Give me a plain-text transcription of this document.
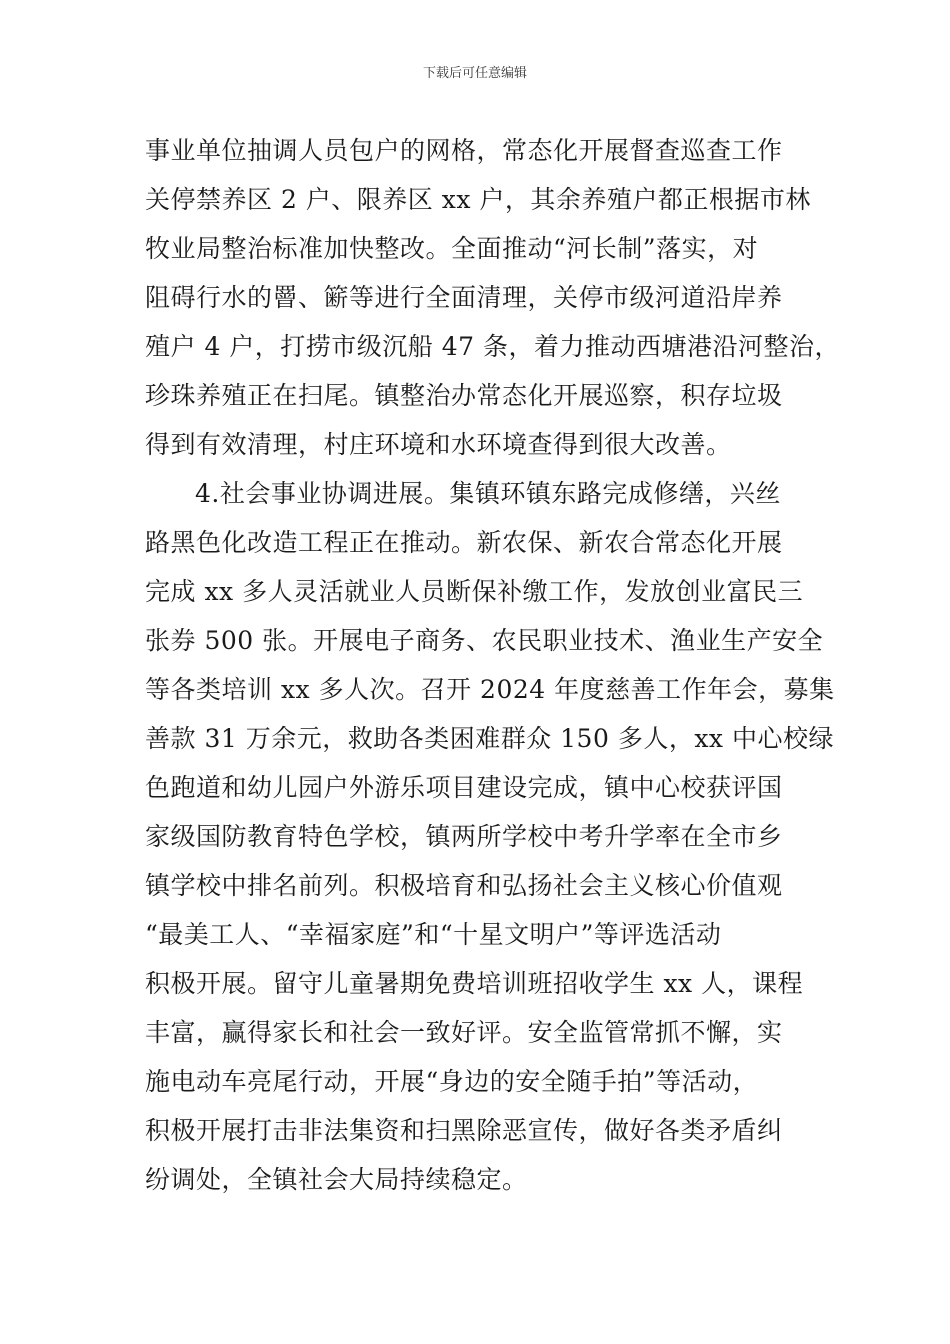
下载后可任意编辑
事业单位抽调人员包户的网格，常态化开展督查巡查工作
关停禁养区 2 户、限养区 xx 户，其余养殖户都正根据市林
牧业局整治标准加快整改。全面推动“河长制”落实，对
阻碍行水的罾、簖等进行全面清理，关停市级河道沿岸养
殖户 4 户，打捞市级沉船 47 条，着力推动西塘港沿河整治，
珍珠养殖正在扫尾。镇整治办常态化开展巡察，积存垃圾
得到有效清理，村庄环境和水环境查得到很大改善。
4.社会事业协调进展。集镇环镇东路完成修缮，兴丝
路黑色化改造工程正在推动。新农保、新农合常态化开展
完成 xx 多人灵活就业人员断保补缴工作，发放创业富民三
张券 500 张。开展电子商务、农民职业技术、渔业生产安全
等各类培训 xx 多人次。召开 2024 年度慈善工作年会，募集
善款 31 万余元，救助各类困难群众 150 多人，xx 中心校绿
色跑道和幼儿园户外游乐项目建设完成，镇中心校获评国
家级国防教育特色学校，镇两所学校中考升学率在全市乡
镇学校中排名前列。积极培育和弘扬社会主义核心价值观
“最美工人、“幸福家庭”和“十星文明户”等评选活动
积极开展。留守儿童暑期免费培训班招收学生 xx 人，课程
丰富，赢得家长和社会一致好评。安全监管常抓不懈，实
施电动车亮尾行动，开展“身边的安全随手拍”等活动，
积极开展打击非法集资和扫黑除恶宣传，做好各类矛盾纠
纷调处，全镇社会大局持续稳定。
